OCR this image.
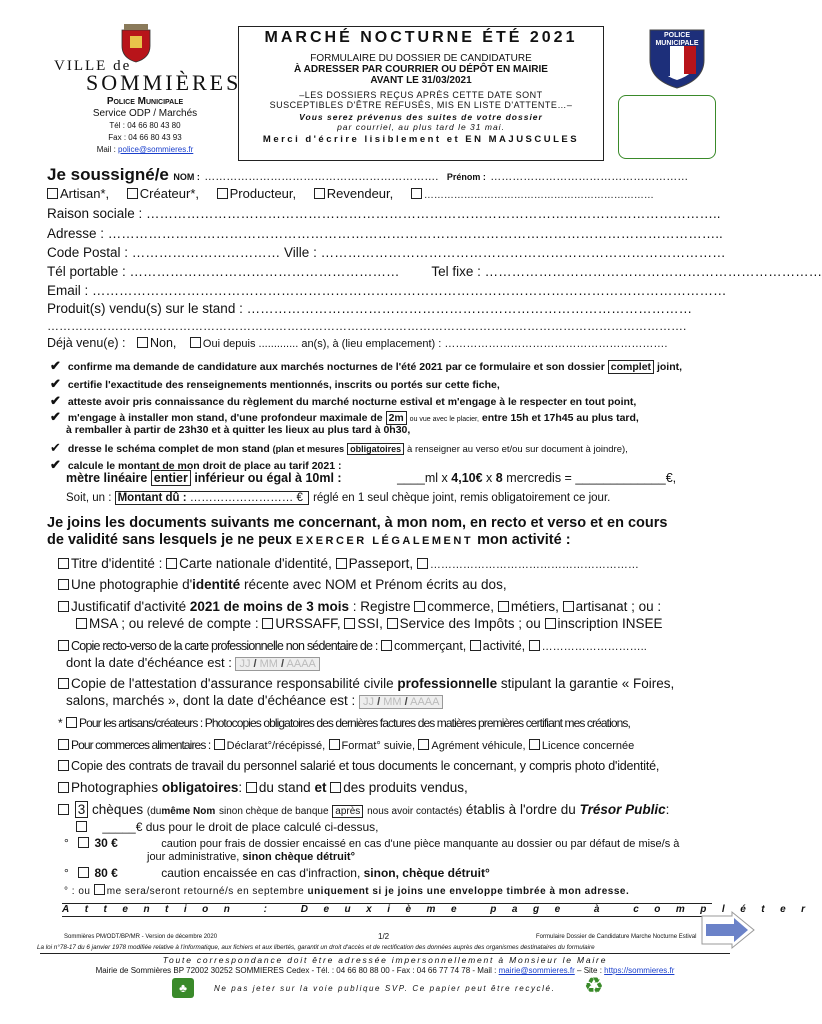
VILLE de
SOMMIÈRES
Police Municipale
Service ODP / Marchés
Tél : 04 66 80 43 80
Fax : 04 66 80 43 93
Mail : police@sommieres.fr
MARCHÉ NOCTURNE ÉTÉ 2021
FORMULAIRE DU DOSSIER DE CANDIDATURE
À ADRESSER PAR COURRIER OU DÉPÔT EN MAIRIE
AVANT LE 31/03/2021
–LES DOSSIERS REÇUS APRÈS CETTE DATE SONT
SUSCEPTIBLES D'ÊTRE REFUSÉS, MIS EN LISTE D'ATTENTE…–
Vous serez prévenus des suites de votre dossier
par courriel, au plus tard le 31 mai.
Merci d'écrire lisiblement et EN MAJUSCULES
POLICE MUNICIPALE
Je soussigné/e NOM : ………………………………………………………. Prénom : ………………………………………………
Artisan*, Créateur*, Producteur, Revendeur,	……………………………………………………………
Raison sociale : ………………………………………………………………………………………………………………..
Adresse : ………………………………………………………………………………………………………………………..
Code Postal : …………………………… Ville : ………………………………………………………………………………
Tél portable : …………………………………………………… Tel fixe : …………………………………………………………………
Email : ……………………………………………………………………………………………………………………………
Produit(s) vendu(s) sur le stand : ………………………………………………………………………………………
…………………………………………………………………………………………………………………………………………….
Déjà venu(e) : Non, Oui depuis ............. an(s), à (lieu emplacement) : …………………………………………………….
✔ confirme ma demande de candidature aux marchés nocturnes de l'été 2021 par ce formulaire et son dossier complet joint,
✔ certifie l'exactitude des renseignements mentionnés, inscrits ou portés sur cette fiche,
✔ atteste avoir pris connaissance du règlement du marché nocturne estival et m'engage à le respecter en tout point,
✔ m'engage à installer mon stand, d'une profondeur maximale de 2m ou vue avec le placier, entre 15h et 17h45 au plus tard,
à remballer à partir de 23h30 et à quitter les lieux au plus tard à 0h30,
✔ dresse le schéma complet de mon stand (plan et mesures obligatoires à renseigner au verso et/ou sur document à joindre),
✔ calcule le montant de mon droit de place au tarif 2021 :
mètre linéaire entier inférieur ou égal à 10ml :	____ml x 4,10€ x 8 mercredis = _____________€,
Soit, un : Montant dû : ……………………… € réglé en 1 seul chèque joint, remis obligatoirement ce jour.
Je joins les documents suivants me concernant, à mon nom, en recto et verso et en cours
de validité sans lesquels je ne peux EXERCER LÉGALEMENT mon activité :
Titre d'identité : Carte nationale d'identité, Passeport, …………………………………………………
Une photographie d'identité récente avec NOM et Prénom écrits au dos,
Justificatif d'activité 2021 de moins de 3 mois : Registre commerce, métiers, artisanat ; ou :
MSA ; ou relevé de compte : URSSAFF, SSI, Service des Impôts ; ou inscription INSEE
Copie recto-verso de la carte professionnelle non sédentaire de : commerçant, activité, ………………………..
dont la date d'échéance est : JJ / MM / AAAA
Copie de l'attestation d'assurance responsabilité civile professionnelle stipulant la garantie « Foires,
salons, marchés », dont la date d'échéance est : JJ / MM / AAAA
* Pour les artisans/créateurs : Photocopies obligatoires des dernières factures des matières premières certifiant mes créations,
Pour commerces alimentaires : Déclarat°/récépissé, Format° suivie, Agrément véhicule, Licence concernée
Copie des contrats de travail du personnel salarié et tous documents le concernant, y compris photo d'identité,
Photographies obligatoires: du stand et des produits vendus,
3 chèques (dumême Nom sinon chèque de banque après nous avoir contactés) établis à l'ordre du Trésor Public:
_____€ dus pour le droit de place calculé ci-dessus,
° 30 €	caution pour frais de dossier encaissé en cas d'une pièce manquante au dossier ou par défaut de mise/s à
jour administrative, sinon chèque détruit°
° 80 €	caution encaissée en cas d'infraction, sinon, chèque détruit°
° : ou me sera/seront retourné/s en septembre uniquement si je joins une enveloppe timbrée à mon adresse.
Attention : Deuxième page à compléter
Sommières PM/ODT/BP/MR - Version de décembre 2020	1/2	Formulaire Dossier de Candidature Marche Nocturne Estival
La loi n°78-17 du 6 janvier 1978 modifiée relative à l'informatique, aux fichiers et aux libertés, garantit un droit d'accès et de rectification des données auprès des organismes destinataires du formulaire
Toute correspondance doit être adressée impersonnellement à Monsieur le Maire
Mairie de Sommières BP 72002 30252 SOMMIERES Cedex - Tél. : 04 66 80 88 00 - Fax : 04 66 77 74 78 - Mail : mairie@sommieres.fr – Site : https://sommieres.fr
♣	Ne pas jeter sur la voie publique SVP. Ce papier peut être recyclé. ♻
